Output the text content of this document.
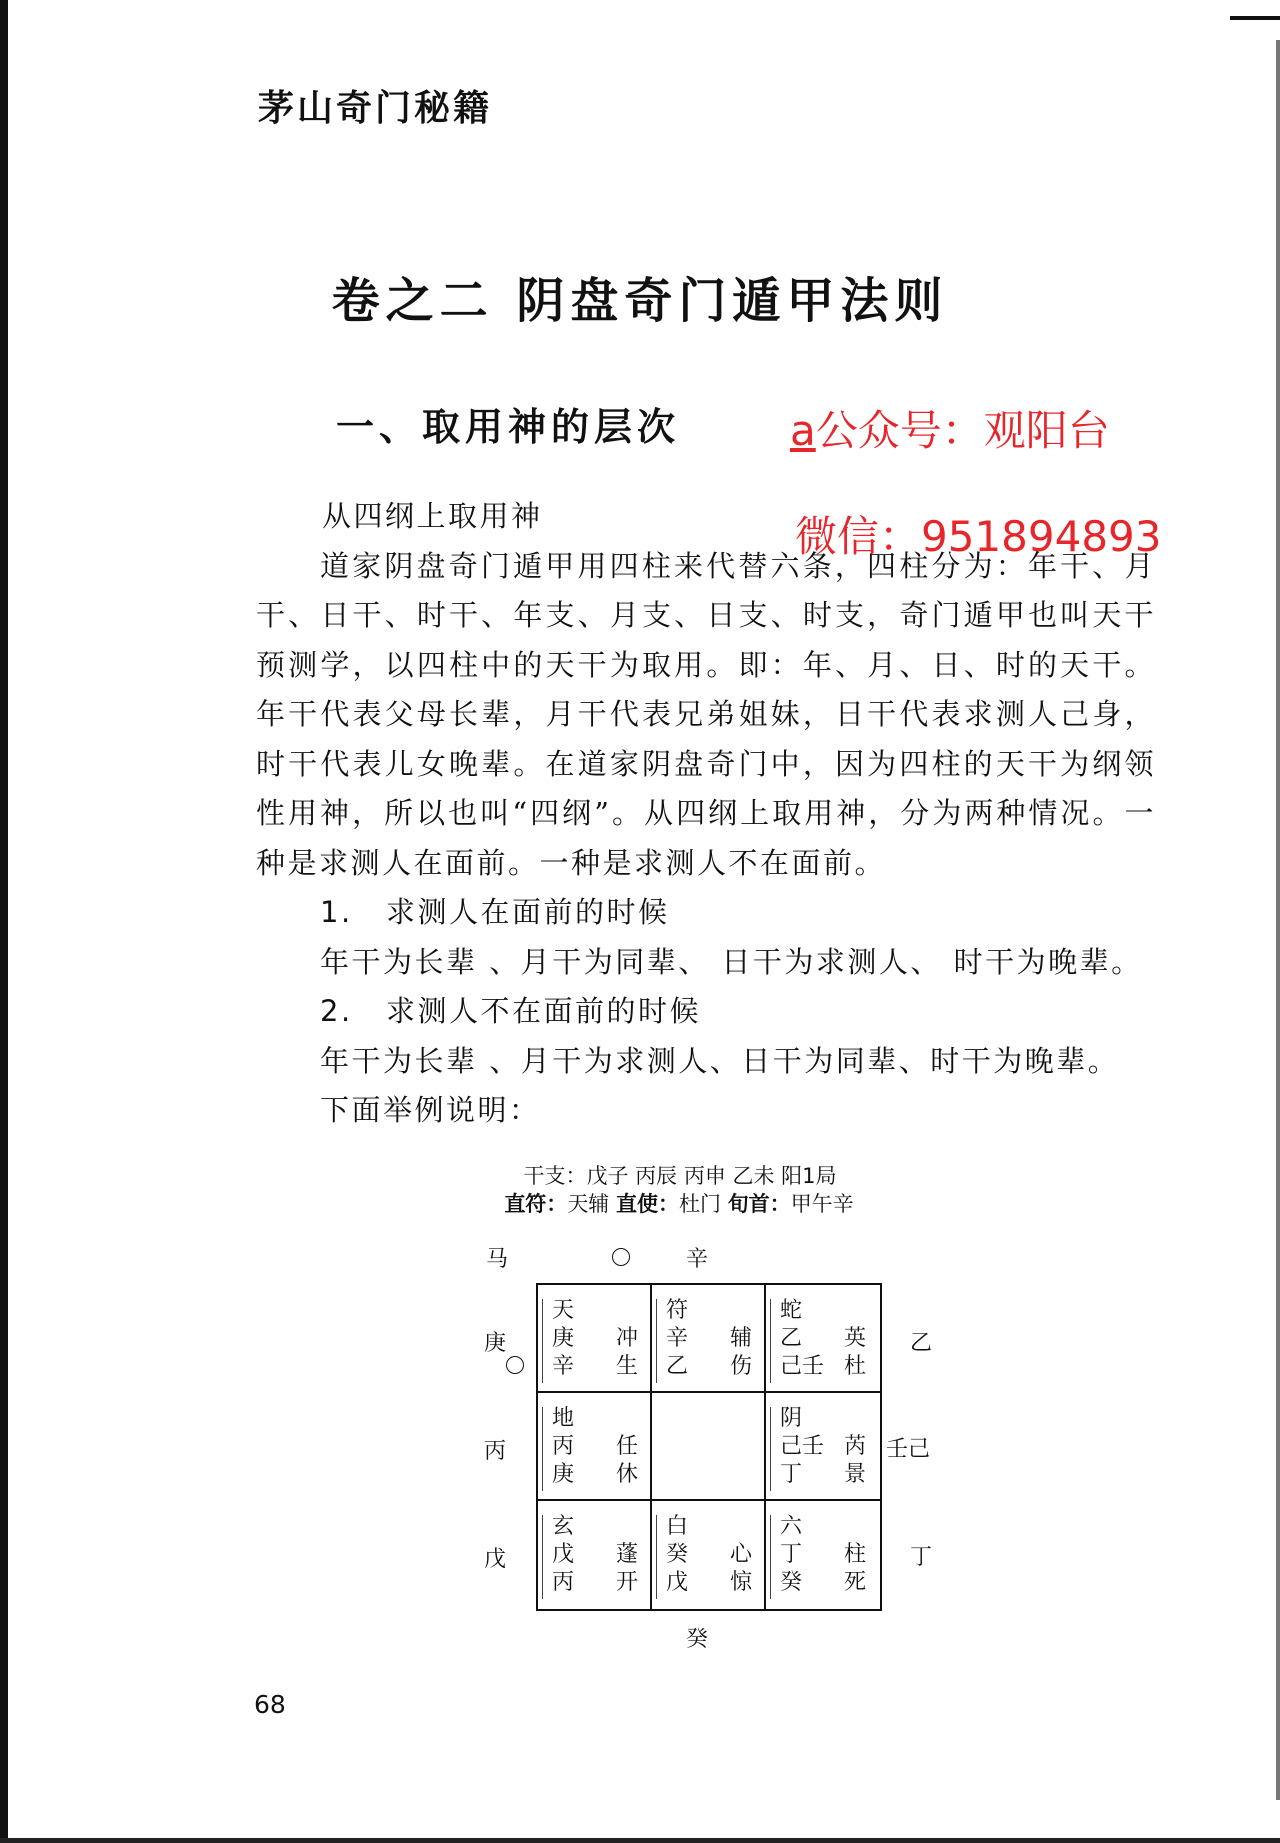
茅山奇门秘籍
卷之二 阴盘奇门遁甲法则
一、取用神的层次	a公众号：观阳台
微信：951894893

从四纲上取用神

道家阴盘奇门遁甲用四柱来代替六条，四柱分为：年干、月干、日干、时干、年支、月支、日支、时支，奇门遁甲也叫天干预测学，以四柱中的天干为取用。即：年、月、日、时的天干。年干代表父母长辈，月干代表兄弟姐妹，日干代表求测人己身，时干代表儿女晚辈。在道家阴盘奇门中，因为四柱的天干为纲领性用神，所以也叫“四纲”。从四纲上取用神，分为两种情况。一种是求测人在面前。一种是求测人不在面前。

1. 求测人在面前的时候

年干为长辈 、月干为同辈、 日干为求测人、 时干为晚辈。

2. 求测人不在面前的时候

年干为长辈 、月干为求测人、日干为同辈、时干为晚辈。

下面举例说明：

干支：戊子 丙辰 丙申 乙未 阳1局
直符：天辅 直使：杜门 旬首：甲午辛
马	辛
庚
丙
戊
乙
壬己
丁
癸
天
庚 冲
辛 生
符
辛 辅
乙 伤
蛇
乙 英
己壬 杜
地
丙 任
庚 休
阴
己壬 芮
丁 景
玄
戊 蓬
丙 开
白
癸 心
戊 惊
六
丁 柱
癸 死
68
